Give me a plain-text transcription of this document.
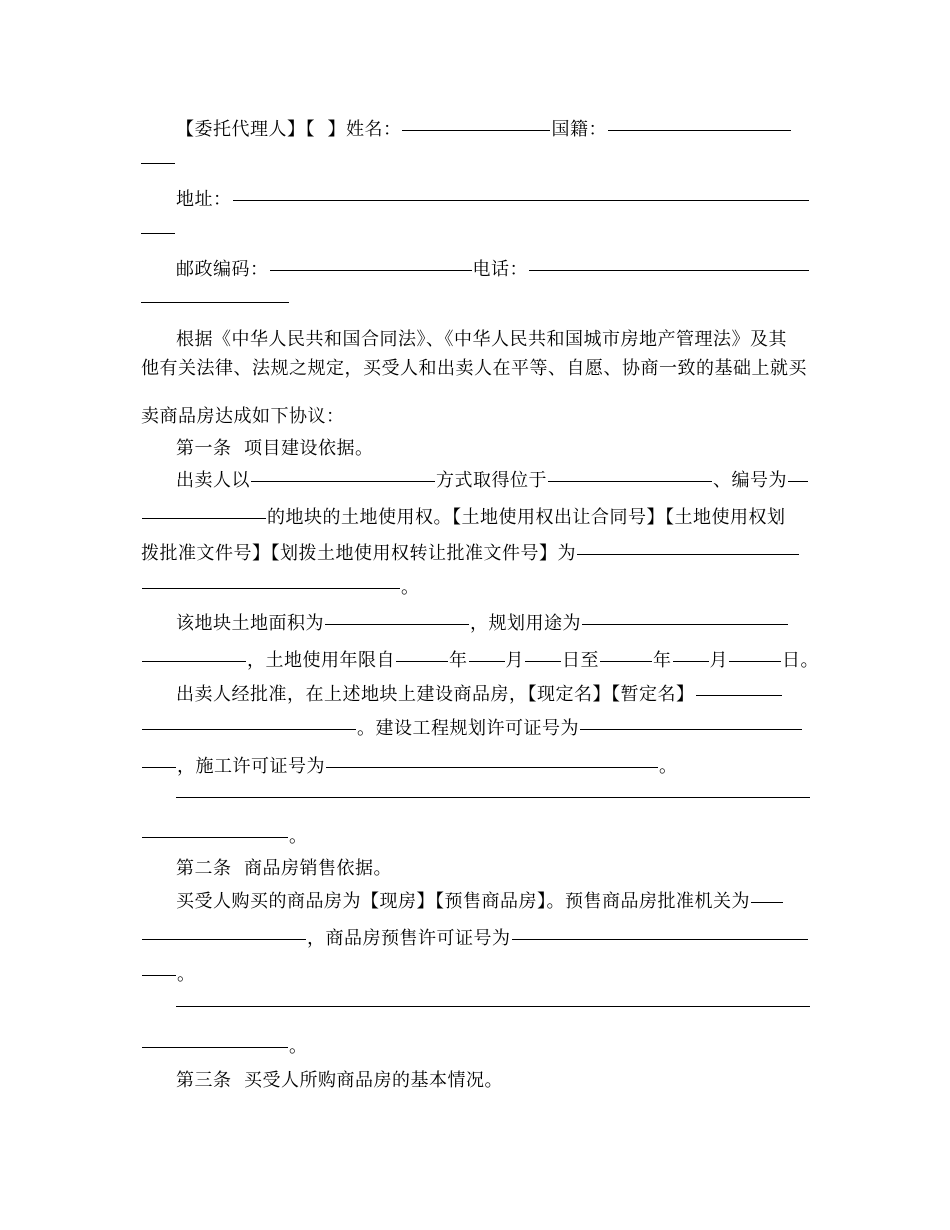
【委托代理人】【  】姓名：	国籍：
地址：
邮政编码：	电话：
根据《中华人民共和国合同法》、《中华人民共和国城市房地产管理法》及其
他有关法律、法规之规定，买受人和出卖人在平等、自愿、协商一致的基础上就买
卖商品房达成如下协议：
第一条  项目建设依据。
出卖人以	方式取得位于	、编号为
的地块的土地使用权。【土地使用权出让合同号】【土地使用权划
拨批准文件号】【划拨土地使用权转让批准文件号】为
。
该地块土地面积为	，规划用途为
，土地使用年限自	年 月 日至	年 月	日。
出卖人经批准，在上述地块上建设商品房，【现定名】【暂定名】
。建设工程规划许可证号为
，施工许可证号为	。
。
第二条  商品房销售依据。
买受人购买的商品房为【现房】【预售商品房】。预售商品房批准机关为
，商品房预售许可证号为
。
。
第三条  买受人所购商品房的基本情况。
